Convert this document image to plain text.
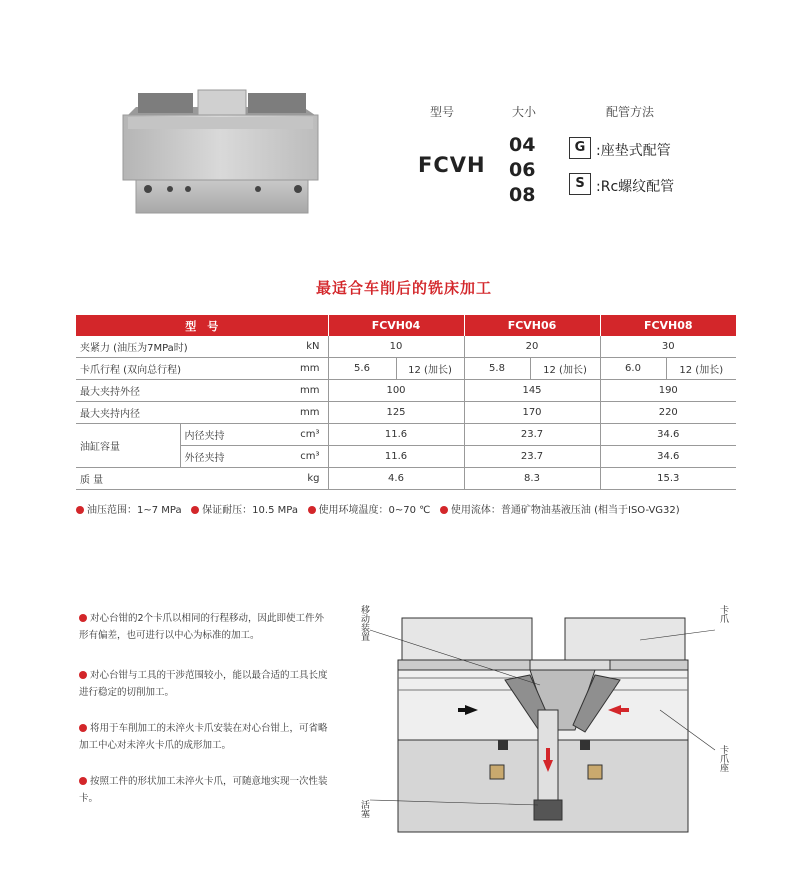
型号	大小	配管方法
FCVH
04
06
08
G :座垫式配管
S :Rc螺纹配管
最适合车削后的铣床加工
型　号			FCVH04		FCVH06		FCVH08	
夹紧力 (油压为7MPa时)		kN	10		20		30	
卡爪行程 (双向总行程)		mm	5.6	12 (加长)	5.8	12 (加长)	6.0	12 (加长)
最大夹持外径		mm	100		145		190	
最大夹持内径		mm	125		170		220	
油缸容量	内径夹持	cm³	11.6		23.7		34.6	
	外径夹持	cm³	11.6		23.7		34.6	
质 量		kg	4.6		8.3		15.3	
油压范围：1~7 MPa 保证耐压：10.5 MPa 使用环境温度：0~70 ℃ 使用流体：普通矿物油基液压油 (相当于ISO-VG32)
对心台钳的2个卡爪以相同的行程移动，因此即使工件外形有偏差，也可进行以中心为标准的加工。
对心台钳与工具的干涉范围较小，能以最合适的工具长度进行稳定的切削加工。
将用于车削加工的未淬火卡爪安装在对心台钳上，可省略加工中心对未淬火卡爪的成形加工。
按照工件的形状加工未淬火卡爪，可随意地实现一次性装卡。
移动装置
活塞
卡爪
卡爪座
